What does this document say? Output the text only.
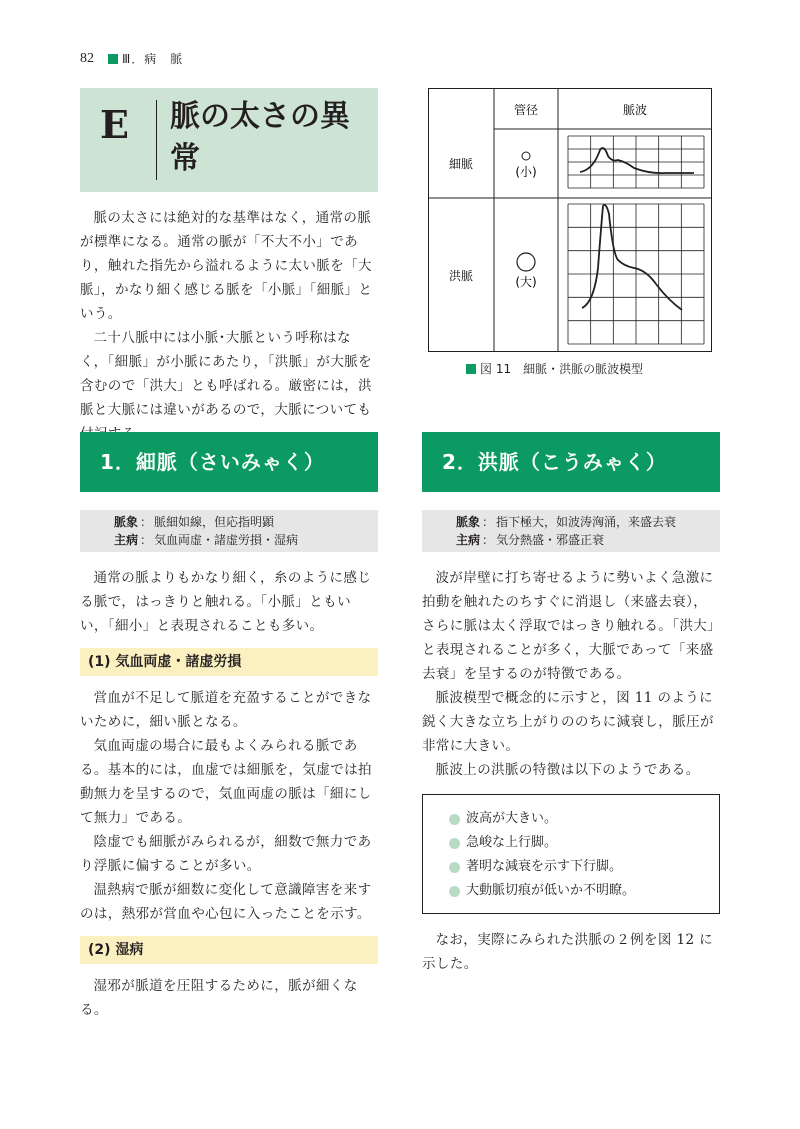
82 Ⅲ．病　脈
E 脈の太さの異常

脈の太さには絶対的な基準はなく，通常の脈が標準になる。通常の脈が「不大不小」であり，触れた指先から溢れるように太い脈を「大脈」，かなり細く感じる脈を「小脈」「細脈」という。

二十八脈中には小脈･大脈という呼称はなく，「細脈」が小脈にあたり，「洪脈」が大脈を含むので「洪大」とも呼ばれる。厳密には，洪脈と大脈には違いがあるので，大脈についても

管径	脈波
細脈
洪脈
(小)
(大)
図 11　細脈・洪脈の脈波模型
1．細脈（さいみゃく）
脈象 ： 脈細如線，但応指明顕
主病 ： 気血両虚・諸虚労損・湿病

通常の脈よりもかなり細く，糸のように感じる脈で，はっきりと触れる。「小脈」ともいい，「細小」と表現されることも多い。

(1) 気血両虚・諸虚労損

営血が不足して脈道を充盈することができないために，細い脈となる。

気血両虚の場合に最もよくみられる脈である。基本的には，血虚では細脈を，気虚では拍動無力を呈するので，気血両虚の脈は「細にして無力」である。

陰虚でも細脈がみられるが，細数で無力であり浮脈に偏することが多い。

温熱病で脈が細数に変化して意識障害を来すのは，熱邪が営血や心包に入ったことを示す。

(2) 湿病

湿邪が脈道を圧阻するために，脈が細くなる。

2．洪脈（こうみゃく）
脈象 ： 指下極大，如波涛洶涌，来盛去衰
主病 ： 気分熱盛・邪盛正衰

波が岸壁に打ち寄せるように勢いよく急激に拍動を触れたのちすぐに消退し（来盛去衰），さらに脈は太く浮取ではっきり触れる。「洪大」と表現されることが多く，大脈であって「来盛去衰」を呈するのが特徴である。

脈波模型で概念的に示すと，図 11 のように鋭く大きな立ち上がりののちに減衰し，脈圧が非常に大きい。

脈波上の洪脈の特徴は以下のようである。

波高が大きい。
急峻な上行脚。
著明な減衰を示す下行脚。
大動脈切痕が低いか不明瞭。

なお，実際にみられた洪脈の２例を図 12 に示した。
